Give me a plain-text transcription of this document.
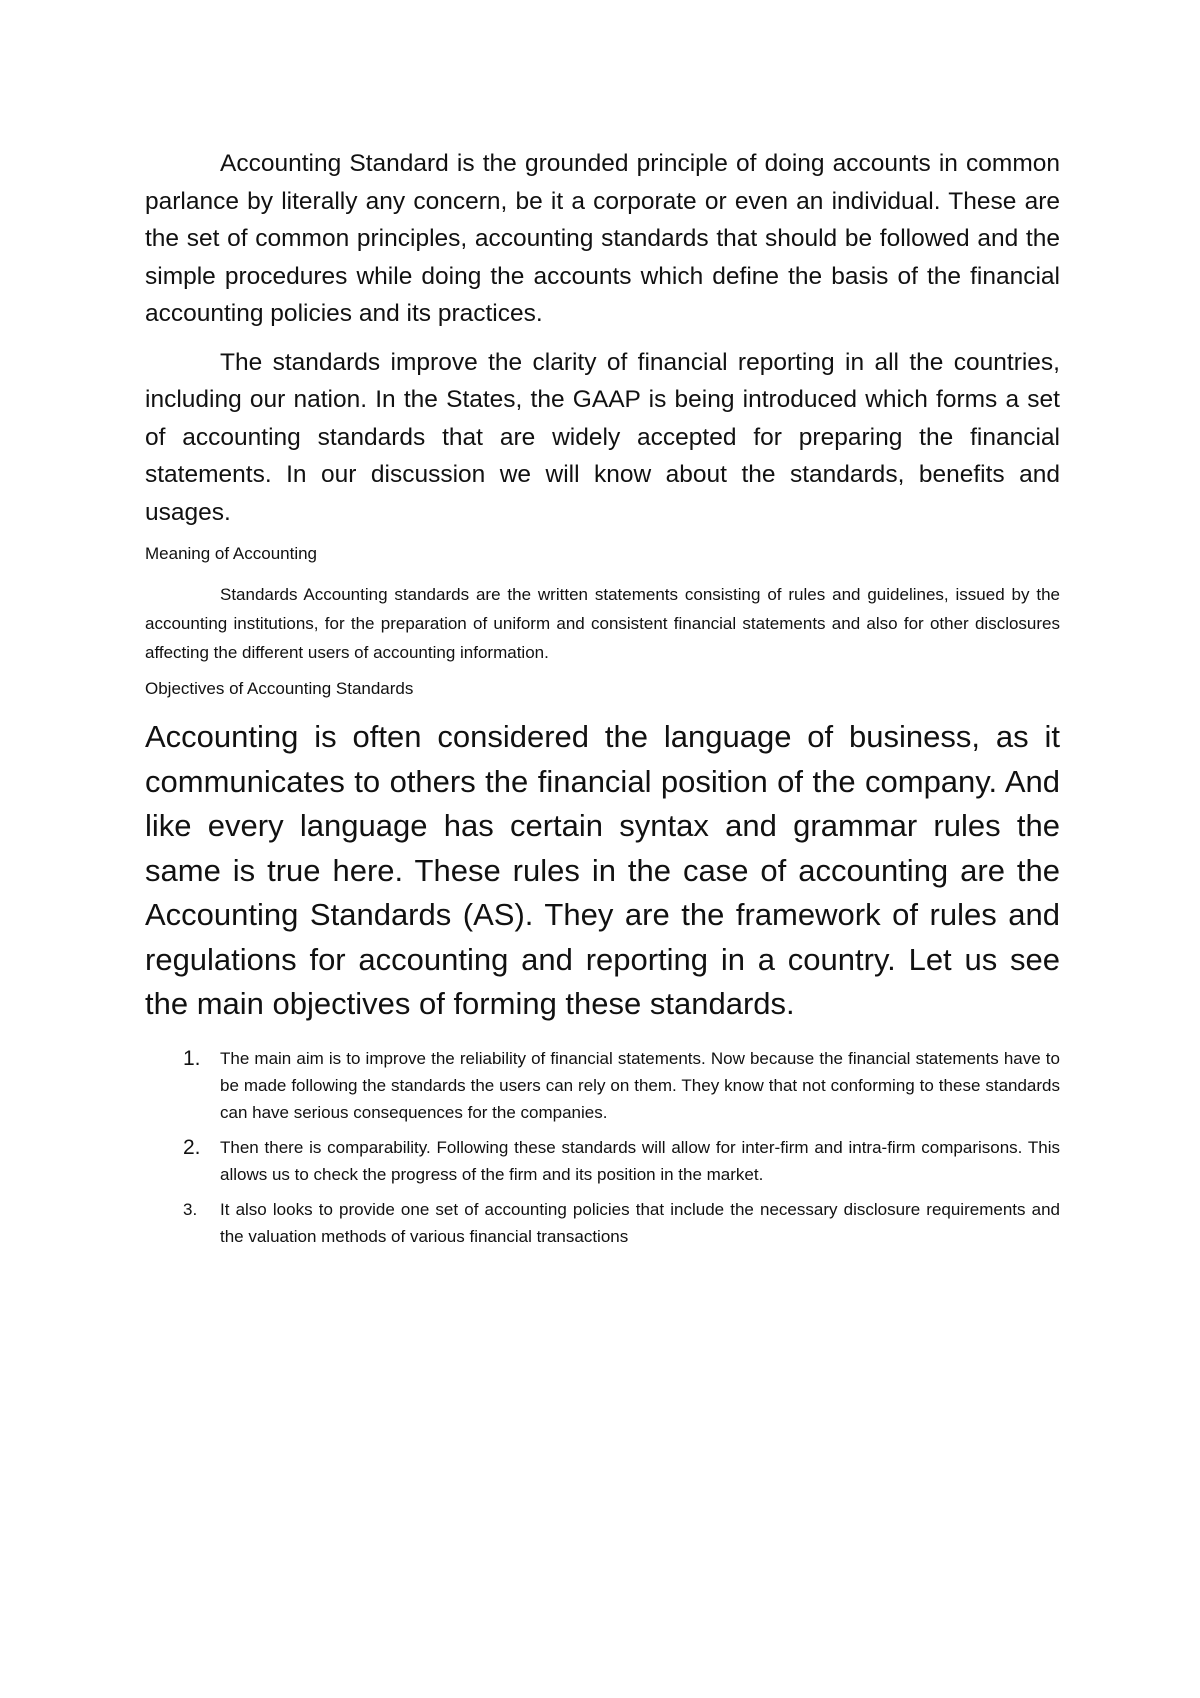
Accounting Standard is the grounded principle of doing accounts in common parlance by literally any concern, be it a corporate or even an individual. These are the set of common principles, accounting standards that should be followed and the simple procedures while doing the accounts which define the basis of the financial accounting policies and its practices.

The standards improve the clarity of financial reporting in all the countries, including our nation. In the States, the GAAP is being introduced which forms a set of accounting standards that are widely accepted for preparing the financial statements. In our discussion we will know about the standards, benefits and usages.

Meaning of Accounting

Standards Accounting standards are the written statements consisting of rules and guidelines, issued by the accounting institutions, for the preparation of uniform and consistent financial statements and also for other disclosures affecting the different users of accounting information.

Objectives of Accounting Standards

Accounting is often considered the language of business, as it communicates to others the financial position of the company. And like every language has certain syntax and grammar rules the same is true here. These rules in the case of accounting are the Accounting Standards (AS). They are the framework of rules and regulations for accounting and reporting in a country. Let us see the main objectives of forming these standards.

1. The main aim is to improve the reliability of financial statements. Now because the financial statements have to be made following the standards the users can rely on them. They know that not conforming to these standards can have serious consequences for the companies.
2. Then there is comparability. Following these standards will allow for inter-firm and intra-firm comparisons. This allows us to check the progress of the firm and its position in the market.
3. It also looks to provide one set of accounting policies that include the necessary disclosure requirements and the valuation methods of various financial transactions
